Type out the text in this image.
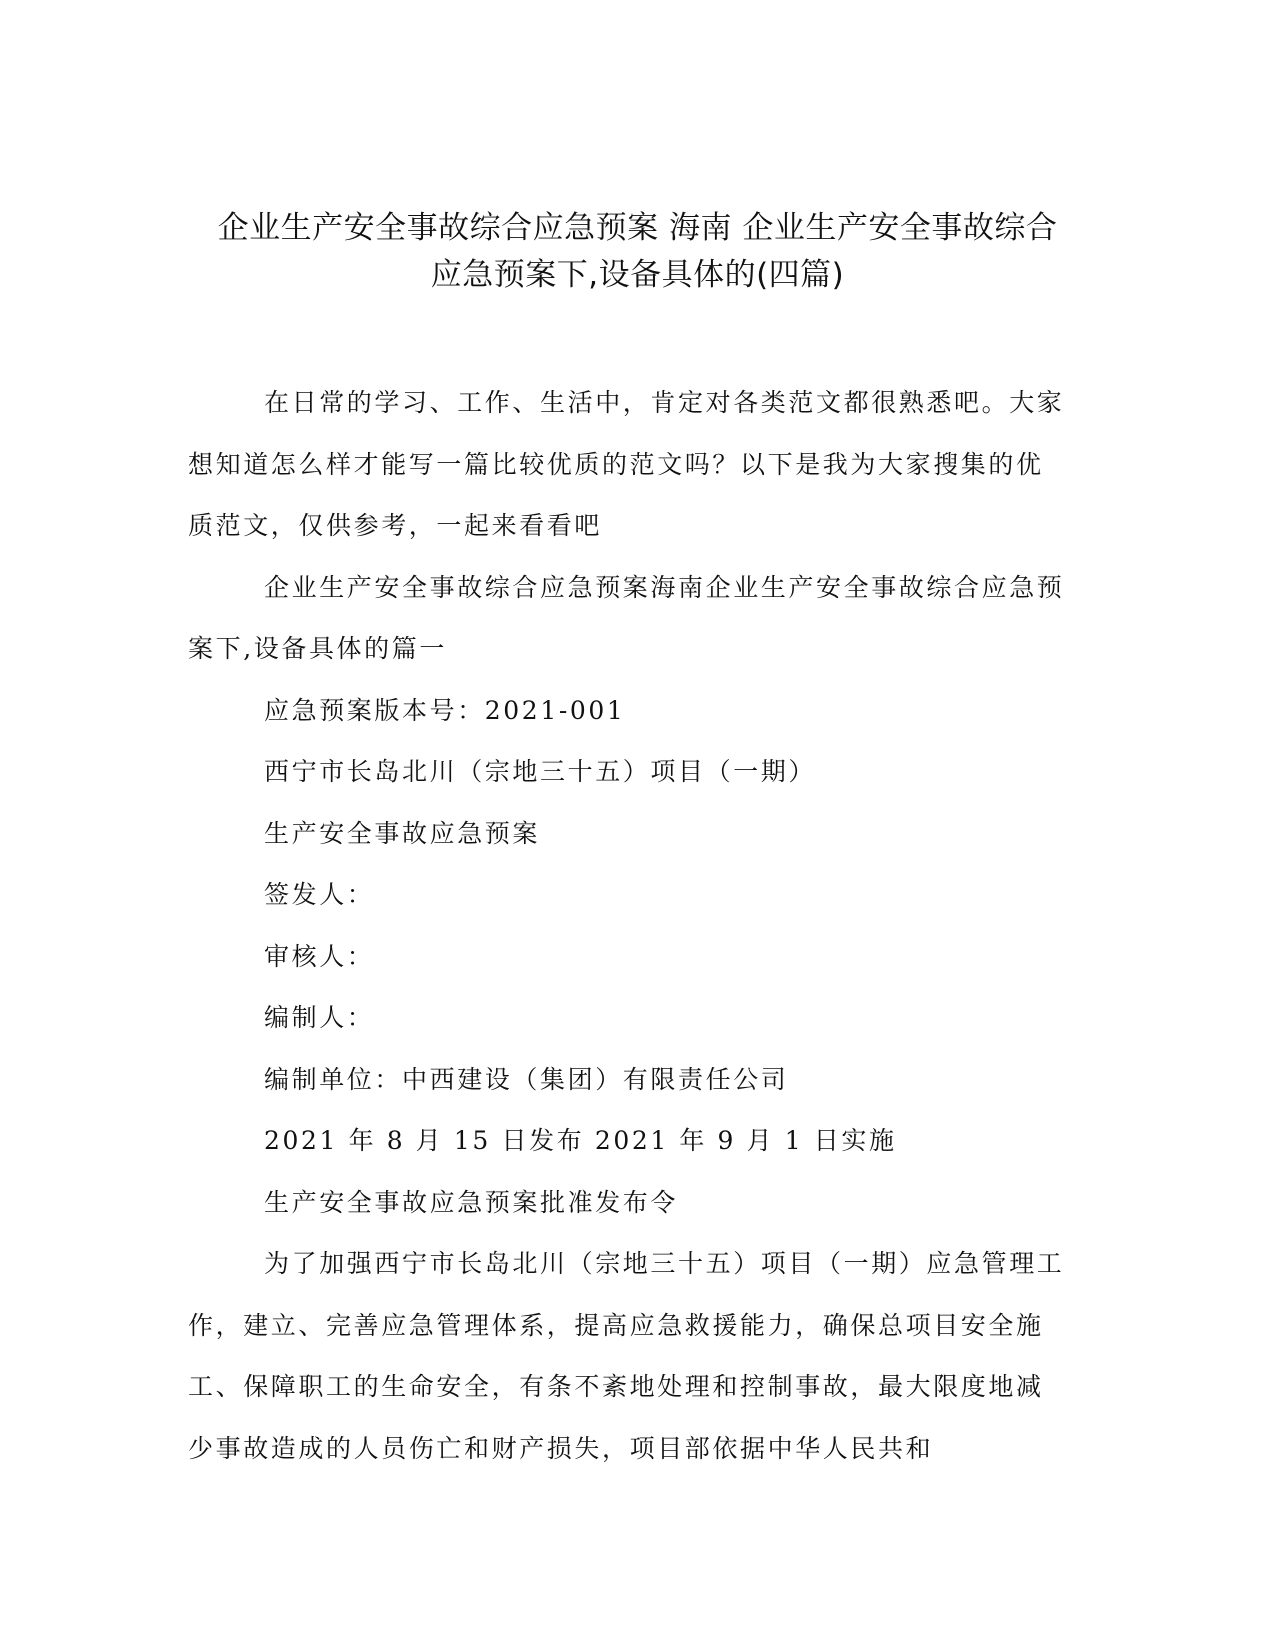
企业生产安全事故综合应急预案 海南 企业生产安全事故综合
应急预案下,设备具体的(四篇)

在日常的学习、工作、生活中，肯定对各类范文都很熟悉吧。大家想知道怎么样才能写一篇比较优质的范文吗？以下是我为大家搜集的优质范文，仅供参考，一起来看看吧

企业生产安全事故综合应急预案海南企业生产安全事故综合应急预案下,设备具体的篇一

应急预案版本号：2021-001

西宁市长岛北川（宗地三十五）项目（一期）

生产安全事故应急预案

签发人：

审核人：

编制人：

编制单位：中西建设（集团）有限责任公司

2021 年 8 月 15 日发布 2021 年 9 月 1 日实施

生产安全事故应急预案批准发布令

为了加强西宁市长岛北川（宗地三十五）项目（一期）应急管理工作，建立、完善应急管理体系，提高应急救援能力，确保总项目安全施工、保障职工的生命安全，有条不紊地处理和控制事故，最大限度地减少事故造成的人员伤亡和财产损失，项目部依据中华人民共和
